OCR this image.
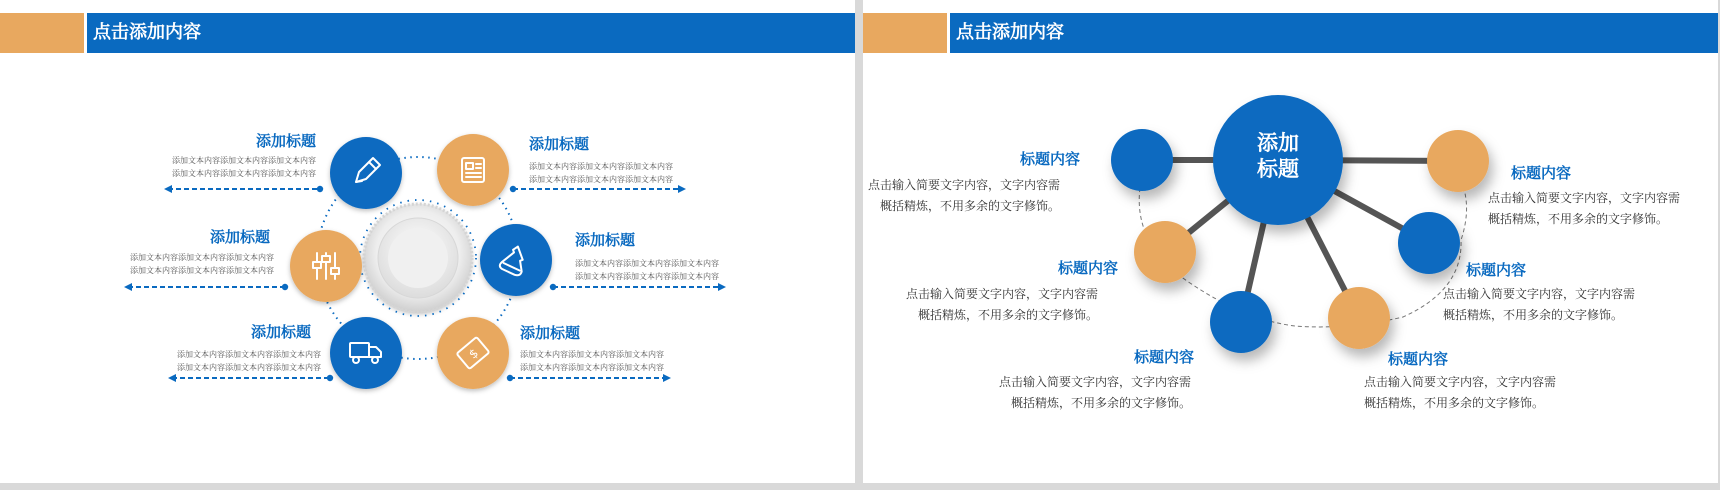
点击添加内容
$
添加标题
添加文本内容添加文本内容添加文本内容
添加文本内容添加文本内容添加文本内容
添加标题
添加文本内容添加文本内容添加文本内容
添加文本内容添加文本内容添加文本内容
添加标题
添加文本内容添加文本内容添加文本内容
添加文本内容添加文本内容添加文本内容
添加标题
添加文本内容添加文本内容添加文本内容
添加文本内容添加文本内容添加文本内容
添加标题
添加文本内容添加文本内容添加文本内容
添加文本内容添加文本内容添加文本内容
添加标题
添加文本内容添加文本内容添加文本内容
添加文本内容添加文本内容添加文本内容
点击添加内容
添加
标题
标题内容
点击输入简要文字内容，文字内容需
概括精炼，不用多余的文字修饰。
标题内容
点击输入简要文字内容，文字内容需
概括精炼，不用多余的文字修饰。
标题内容
点击输入简要文字内容，文字内容需
概括精炼，不用多余的文字修饰。
标题内容
点击输入简要文字内容，文字内容需
概括精炼，不用多余的文字修饰。
标题内容
点击输入简要文字内容，文字内容需
概括精炼，不用多余的文字修饰。
标题内容
点击输入简要文字内容，文字内容需
概括精炼，不用多余的文字修饰。
